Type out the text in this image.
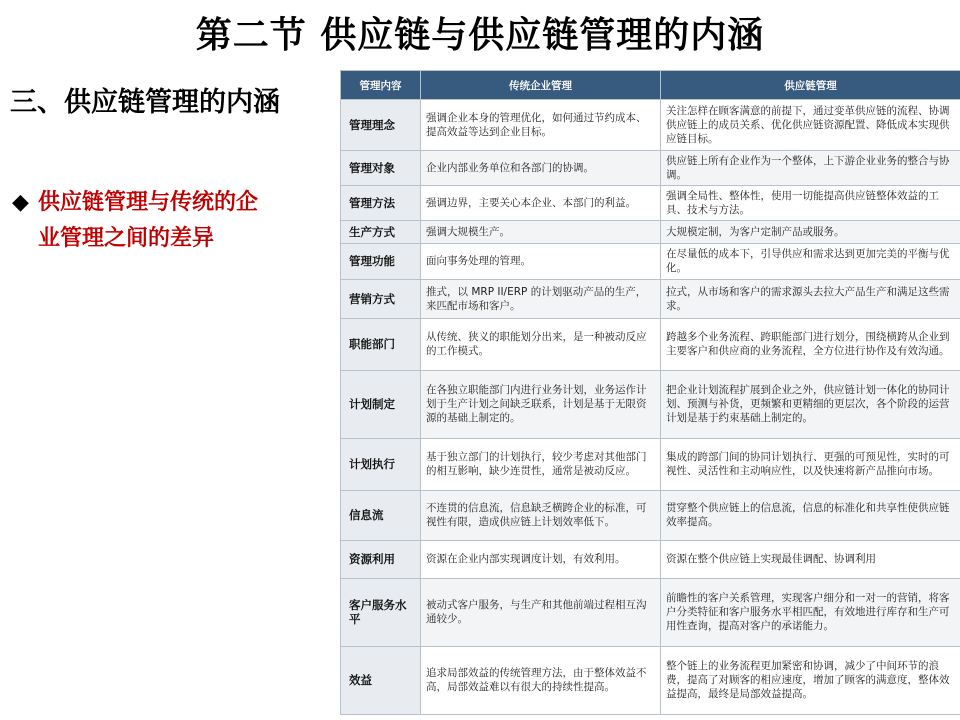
第二节 供应链与供应链管理的内涵
三、供应链管理的内涵
◆ 供应链管理与传统的企
业管理之间的差异
管理内容	传统企业管理	供应链管理
管理理念	强调企业本身的管理优化，如何通过节约成本、提高效益等达到企业目标。	关注怎样在顾客满意的前提下，通过变革供应链的流程、协调供应链上的成员关系、优化供应链资源配置、降低成本实现供应链目标。
管理对象	企业内部业务单位和各部门的协调。	供应链上所有企业作为一个整体，上下游企业业务的整合与协调。
管理方法	强调边界，主要关心本企业、本部门的利益。	强调全局性、整体性，使用一切能提高供应链整体效益的工具、技术与方法。
生产方式	强调大规模生产。	大规模定制，为客户定制产品或服务。
管理功能	面向事务处理的管理。	在尽量低的成本下，引导供应和需求达到更加完美的平衡与优化。
营销方式	推式，以 MRP II/ERP 的计划驱动产品的生产，来匹配市场和客户。	拉式，从市场和客户的需求源头去拉大产品生产和满足这些需求。
职能部门	从传统、狭义的职能划分出来，是一种被动反应的工作模式。	跨越多个业务流程、跨职能部门进行划分，围绕横跨从企业到主要客户和供应商的业务流程，全方位进行协作及有效沟通。
计划制定	在各独立职能部门内进行业务计划，业务运作计划于生产计划之间缺乏联系，计划是基于无限资源的基础上制定的。	把企业计划流程扩展到企业之外，供应链计划一体化的协同计划、预测与补货，更频繁和更精细的更层次，各个阶段的运营计划是基于约束基础上制定的。
计划执行	基于独立部门的计划执行，较少考虑对其他部门的相互影响，缺少连贯性，通常是被动反应。	集成的跨部门间的协同计划执行、更强的可预见性，实时的可视性、灵活性和主动响应性，以及快速将新产品推向市场。
信息流	不连贯的信息流，信息缺乏横跨企业的标准，可视性有限，造成供应链上计划效率低下。	贯穿整个供应链上的信息流，信息的标准化和共享性使供应链效率提高。
资源利用	资源在企业内部实现调度计划，有效利用。	资源在整个供应链上实现最佳调配、协调利用
客户服务水平	被动式客户服务，与生产和其他前端过程相互沟通较少。	前瞻性的客户关系管理，实现客户细分和一对一的营销，将客户分类特征和客户服务水平相匹配，有效地进行库存和生产可用性查询，提高对客户的承诺能力。
效益	追求局部效益的传统管理方法，由于整体效益不高，局部效益难以有很大的持续性提高。	整个链上的业务流程更加紧密和协调，减少了中间环节的浪费，提高了对顾客的相应速度，增加了顾客的满意度，整体效益提高，最终是局部效益提高。
